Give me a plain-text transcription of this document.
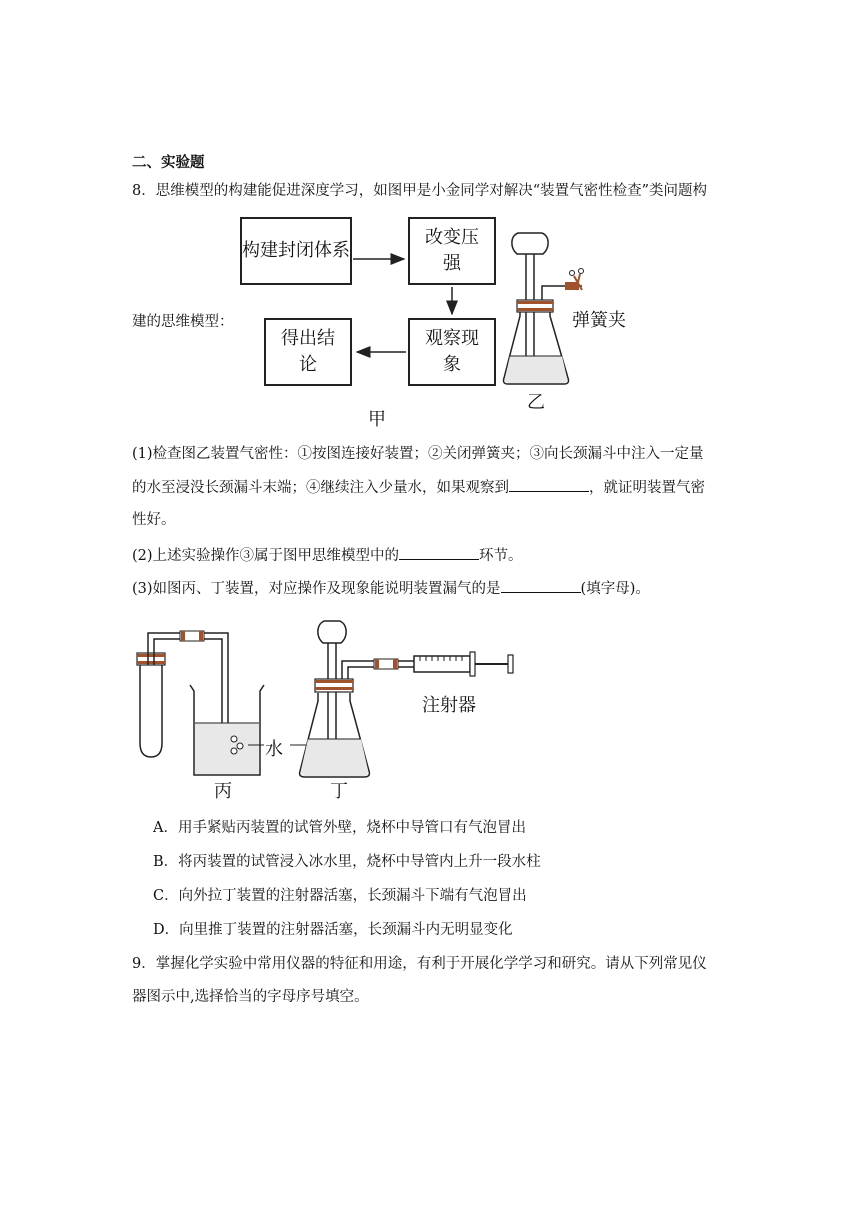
二、实验题
8．思维模型的构建能促进深度学习，如图甲是小金同学对解决“装置气密性检查”类问题构
建的思维模型：
构建封闭体系
改变压强
观察现象
得出结论
甲
弹簧夹
乙
(1)检查图乙装置气密性：①按图连接好装置；②关闭弹簧夹；③向长颈漏斗中注入一定量
的水至浸没长颈漏斗末端；④继续注入少量水，如果观察到	，就证明装置气密
性好。
(2)上述实验操作③属于图甲思维模型中的	环节。
(3)如图丙、丁装置，对应操作及现象能说明装置漏气的是	(填字母)。
水
注射器
丙	丁
A．用手紧贴丙装置的试管外壁，烧杯中导管口有气泡冒出
B．将丙装置的试管浸入冰水里，烧杯中导管内上升一段水柱
C．向外拉丁装置的注射器活塞，长颈漏斗下端有气泡冒出
D．向里推丁装置的注射器活塞，长颈漏斗内无明显变化
9．掌握化学实验中常用仪器的特征和用途，有利于开展化学学习和研究。请从下列常见仪
器图示中,选择恰当的字母序号填空。
